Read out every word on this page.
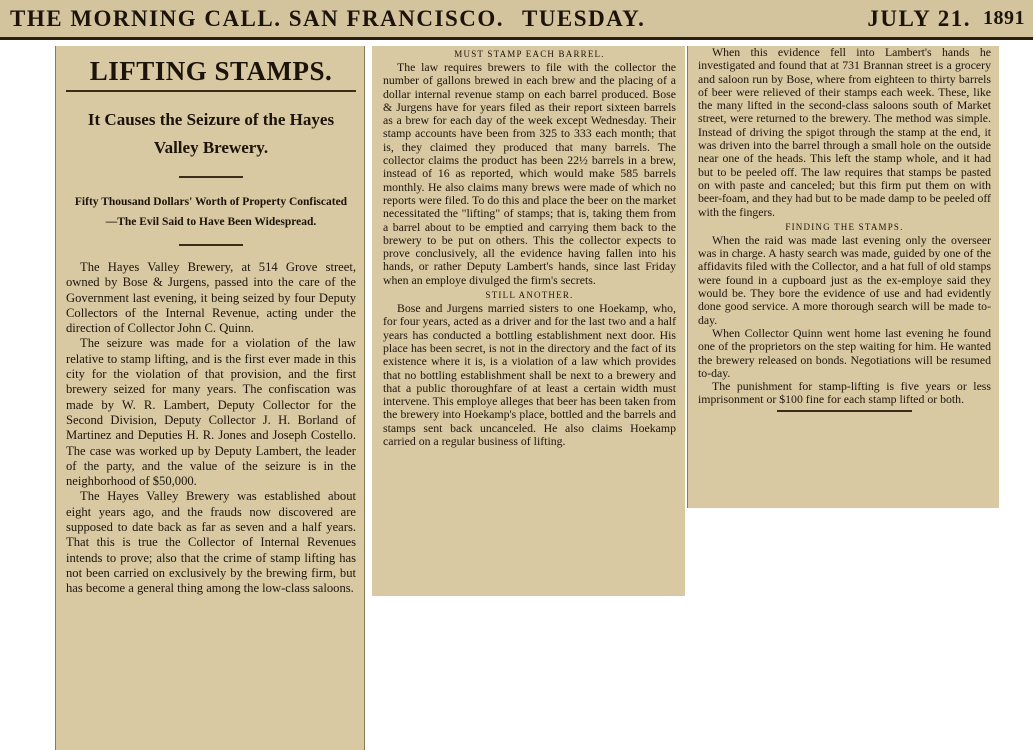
THE MORNING CALL. SAN FRANCISCO. TUESDAY.	JULY 21. 1891
LIFTING STAMPS.
It Causes the Seizure of the Hayes Valley Brewery.
Fifty Thousand Dollars' Worth of Property Confiscated—The Evil Said to Have Been Widespread.

The Hayes Valley Brewery, at 514 Grove street, owned by Bose & Jurgens, passed into the care of the Government last evening, it being seized by four Deputy Collectors of the Internal Revenue, acting under the direction of Collector John C. Quinn.

The seizure was made for a violation of the law relative to stamp lifting, and is the first ever made in this city for the violation of that provision, and the first brewery seized for many years. The confiscation was made by W. R. Lambert, Deputy Collector for the Second Division, Deputy Collector J. H. Borland of Martinez and Deputies H. R. Jones and Joseph Costello. The case was worked up by Deputy Lambert, the leader of the party, and the value of the seizure is in the neighborhood of $50,000.

The Hayes Valley Brewery was established about eight years ago, and the frauds now discovered are supposed to date back as far as seven and a half years. That this is true the Collector of Internal Revenues intends to prove; also that the crime of stamp lifting has not been carried on exclusively by the brewing firm, but has become a general thing among the low-class saloons.

MUST STAMP EACH BARREL.

The law requires brewers to file with the collector the number of gallons brewed in each brew and the placing of a dollar internal revenue stamp on each barrel produced. Bose & Jurgens have for years filed as their report sixteen barrels as a brew for each day of the week except Wednesday. Their stamp accounts have been from 325 to 333 each month; that is, they claimed they produced that many barrels. The collector claims the product has been 22½ barrels in a brew, instead of 16 as reported, which would make 585 barrels monthly. He also claims many brews were made of which no reports were filed. To do this and place the beer on the market necessitated the "lifting" of stamps; that is, taking them from a barrel about to be emptied and carrying them back to the brewery to be put on others. This the collector expects to prove conclusively, all the evidence having fallen into his hands, or rather Deputy Lambert's hands, since last Friday when an employe divulged the firm's secrets.

STILL ANOTHER.

Bose and Jurgens married sisters to one Hoekamp, who, for four years, acted as a driver and for the last two and a half years has conducted a bottling establishment next door. His place has been secret, is not in the directory and the fact of its existence where it is, is a violation of a law which provides that no bottling establishment shall be next to a brewery and that a public thoroughfare of at least a certain width must intervene. This employe alleges that beer has been taken from the brewery into Hoekamp's place, bottled and the barrels and stamps sent back uncanceled. He also claims Hoekamp carried on a regular business of lifting.

When this evidence fell into Lambert's hands he investigated and found that at 731 Brannan street is a grocery and saloon run by Bose, where from eighteen to thirty barrels of beer were relieved of their stamps each week. These, like the many lifted in the second-class saloons south of Market street, were returned to the brewery. The method was simple. Instead of driving the spigot through the stamp at the end, it was driven into the barrel through a small hole on the outside near one of the heads. This left the stamp whole, and it had but to be peeled off. The law requires that stamps be pasted on with paste and canceled; but this firm put them on with beer-foam, and they had but to be made damp to be peeled off with the fingers.

FINDING THE STAMPS.

When the raid was made last evening only the overseer was in charge. A hasty search was made, guided by one of the affidavits filed with the Collector, and a hat full of old stamps were found in a cupboard just as the ex-employe said they would be. They bore the evidence of use and had evidently done good service. A more thorough search will be made to-day.

When Collector Quinn went home last evening he found one of the proprietors on the step waiting for him. He wanted the brewery released on bonds. Negotiations will be resumed to-day.

The punishment for stamp-lifting is five years or less imprisonment or $100 fine for each stamp lifted or both.
